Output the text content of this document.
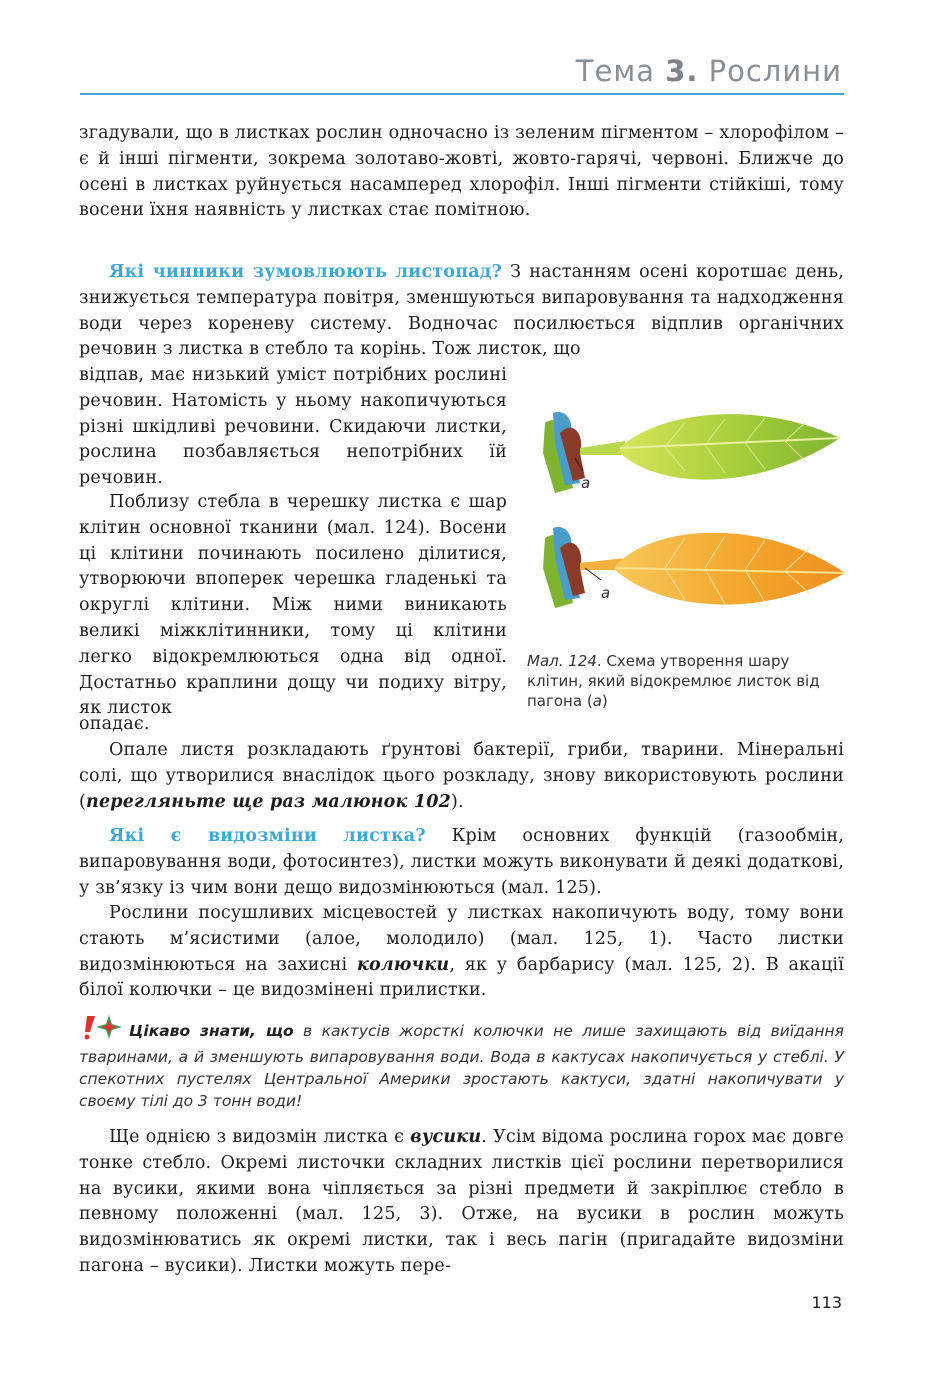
Тема 3. Рослини

згадували, що в листках рослин одночасно із зеленим пігментом – хлорофілом – є й інші пігменти, зокрема золотаво-жовті, жовто-гарячі, червоні. Ближче до осені в листках руйнується насамперед хлорофіл. Інші пігменти стійкіші, тому восени їхня наявність у листках стає помітною.

Які чинники зумовлюють листопад? З настанням осені коротшає день, знижується температура повітря, зменшуються випаровування та надходження води через кореневу систему. Водночас посилюється відплив органічних речовин з листка в стебло та корінь. Тож листок, що

відпав, має низький уміст потрібних рослині речовин. Натомість у ньому накопичуються різні шкідливі речовини. Скидаючи листки, рослина позбавляється непотрібних їй речовин.

Поблизу стебла в черешку листка є шар клітин основної тканини (мал. 124). Восени ці клітини починають посилено ділитися, утворюючи впоперек черешка гладенькі та округлі клітини. Між ними виникають великі міжклітинники, тому ці клітини легко відокремлюються одна від одної. Достатньо краплини дощу чи подиху вітру, як листок

опадає.

а
а
Мал. 124. Схема утворення шару клітин, який відокремлює листок від пагона (а)

Опале листя розкладають ґрунтові бактерії, гриби, тварини. Мінеральні солі, що утворилися внаслідок цього розкладу, знову використовують рослини (перегляньте ще раз малюнок 102).

Які є видозміни листка? Крім основних функцій (газообмін, випаровування води, фотосинтез), листки можуть виконувати й деякі додаткові, у зв’язку із чим вони дещо видозмінюються (мал. 125).

Рослини посушливих місцевостей у листках накопичують воду, тому вони стають м’ясистими (алое, молодило) (мал. 125, 1). Часто листки видозмінюються на захисні колючки, як у барбарису (мал. 125, 2). В акації білої колючки – це видозмінені прилистки.

Цікаво знати, що в кактусів жорсткі колючки не лише захищають від виїдання тваринами, а й зменшують випаровування води. Вода в кактусах накопичується у стеблі. У спекотних пустелях Центральної Америки зростають кактуси, здатні накопичувати у своєму тілі до 3 тонн води!

Ще однією з видозмін листка є вусики. Усім відома рослина горох має довге тонке стебло. Окремі листочки складних листків цієї рослини перетворилися на вусики, якими вона чіпляється за різні предмети й закріплює стебло в певному положенні (мал. 125, 3). Отже, на вусики в рослин можуть видозмінюватись як окремі листки, так і весь пагін (пригадайте видозміни пагона – вусики). Листки можуть пере-

113
